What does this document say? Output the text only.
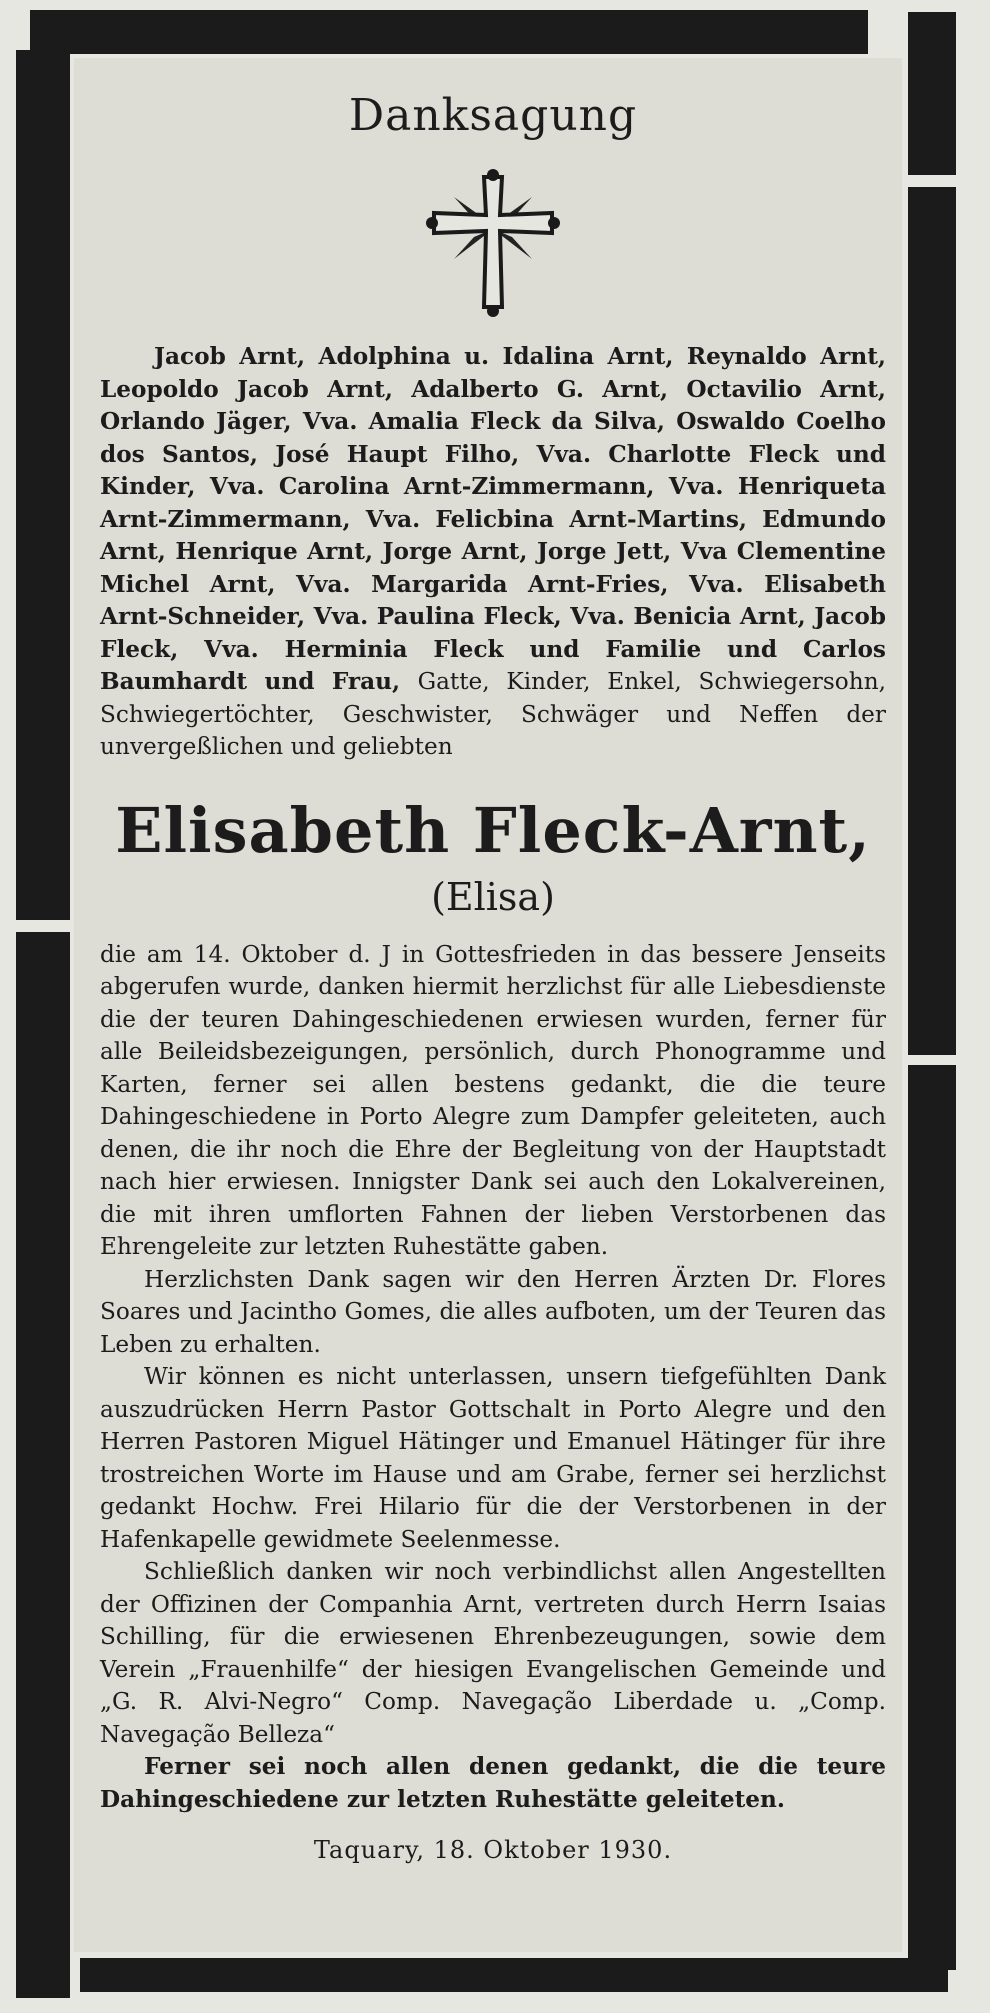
Danksagung

Jacob Arnt, Adolphina u. Idalina Arnt, Reynaldo Arnt, Leopoldo Jacob Arnt, Adalberto G. Arnt, Octavilio Arnt, Orlando Jäger, Vva. Amalia Fleck da Silva, Oswaldo Coelho dos Santos, José Haupt Filho, Vva. Charlotte Fleck und Kinder, Vva. Carolina Arnt-Zimmermann, Vva. Henriqueta Arnt-Zimmermann, Vva. Felicbina Arnt-Martins, Edmundo Arnt, Henrique Arnt, Jorge Arnt, Jorge Jett, Vva Clementine Michel Arnt, Vva. Margarida Arnt-Fries, Vva. Elisabeth Arnt-Schneider, Vva. Paulina Fleck, Vva. Benicia Arnt, Jacob Fleck, Vva. Herminia Fleck und Familie und Carlos Baumhardt und Frau, Gatte, Kinder, Enkel, Schwiegersohn, Schwiegertöchter, Geschwister, Schwäger und Neffen der unvergeßlichen und geliebten

Elisabeth Fleck-Arnt,
(Elisa)

die am 14. Oktober d. J in Gottesfrieden in das bessere Jenseits abgerufen wurde, danken hiermit herzlichst für alle Liebesdienste die der teuren Dahingeschiedenen erwiesen wurden, ferner für alle Beileidsbezeigungen, persönlich, durch Phonogramme und Karten, ferner sei allen bestens gedankt, die die teure Dahingeschiedene in Porto Alegre zum Dampfer geleiteten, auch denen, die ihr noch die Ehre der Begleitung von der Hauptstadt nach hier erwiesen. Innigster Dank sei auch den Lokalvereinen, die mit ihren umflorten Fahnen der lieben Verstorbenen das Ehrengeleite zur letzten Ruhestätte gaben.

Herzlichsten Dank sagen wir den Herren Ärzten Dr. Flores Soares und Jacintho Gomes, die alles aufboten, um der Teuren das Leben zu erhalten.

Wir können es nicht unterlassen, unsern tiefgefühlten Dank auszudrücken Herrn Pastor Gottschalt in Porto Alegre und den Herren Pastoren Miguel Hätinger und Emanuel Hätinger für ihre trostreichen Worte im Hause und am Grabe, ferner sei herzlichst gedankt Hochw. Frei Hilario für die der Verstorbenen in der Hafenkapelle gewidmete Seelenmesse.

Schließlich danken wir noch verbindlichst allen Angestellten der Offizinen der Companhia Arnt, vertreten durch Herrn Isaias Schilling, für die erwiesenen Ehrenbezeugungen, sowie dem Verein „Frauenhilfe“ der hiesigen Evangelischen Gemeinde und „G. R. Alvi-Negro“ Comp. Navegação Liberdade u. „Comp. Navegação Belleza“

Ferner sei noch allen denen gedankt, die die teure Dahingeschiedene zur letzten Ruhestätte geleiteten.

Taquary, 18. Oktober 1930.
